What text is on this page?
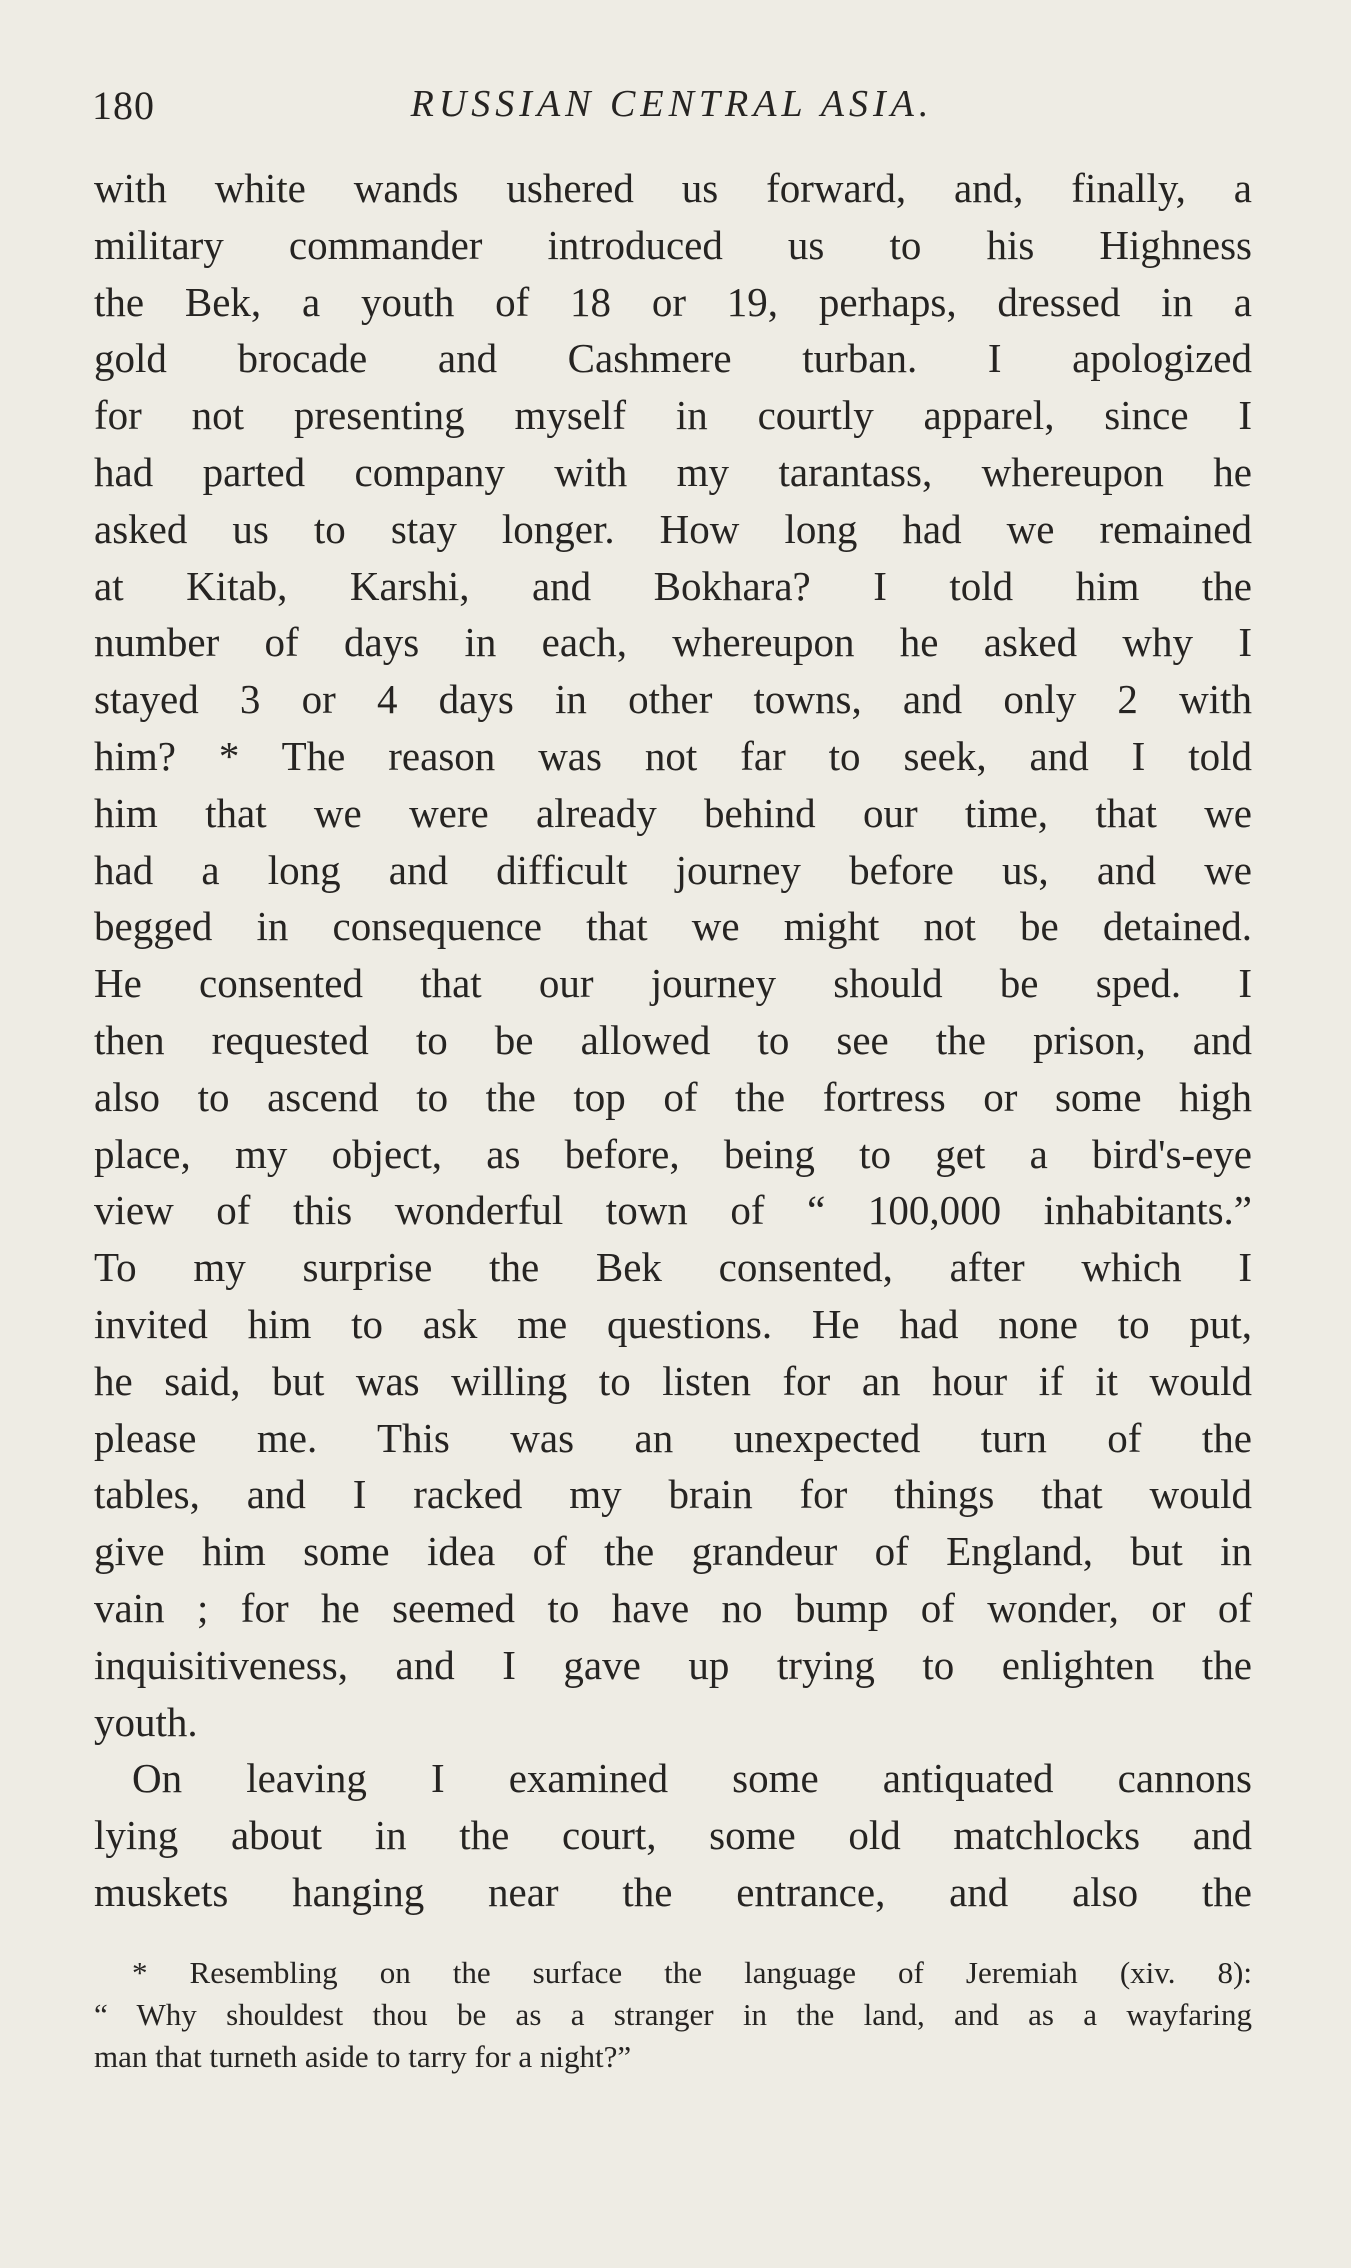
180	RUSSIAN CENTRAL ASIA.
with white wands ushered us forward, and, finally, a
military commander introduced us to his Highness
the Bek, a youth of 18 or 19, perhaps, dressed in a
gold brocade and Cashmere turban. I apologized
for not presenting myself in courtly apparel, since I
had parted company with my tarantass, whereupon he
asked us to stay longer. How long had we remained
at Kitab, Karshi, and Bokhara? I told him the
number of days in each, whereupon he asked why I
stayed 3 or 4 days in other towns, and only 2 with
him? * The reason was not far to seek, and I told
him that we were already behind our time, that we
had a long and difficult journey before us, and we
begged in consequence that we might not be detained.
He consented that our journey should be sped. I
then requested to be allowed to see the prison, and
also to ascend to the top of the fortress or some high
place, my object, as before, being to get a bird's-eye
view of this wonderful town of “ 100,000 inhabitants.”
To my surprise the Bek consented, after which I
invited him to ask me questions. He had none to put,
he said, but was willing to listen for an hour if it would
please me. This was an unexpected turn of the
tables, and I racked my brain for things that would
give him some idea of the grandeur of England, but in
vain ; for he seemed to have no bump of wonder, or of
inquisitiveness, and I gave up trying to enlighten the
youth.
On leaving I examined some antiquated cannons
lying about in the court, some old matchlocks and
muskets hanging near the entrance, and also the
* Resembling on the surface the language of Jeremiah (xiv. 8):
“ Why shouldest thou be as a stranger in the land, and as a wayfaring
man that turneth aside to tarry for a night?”
